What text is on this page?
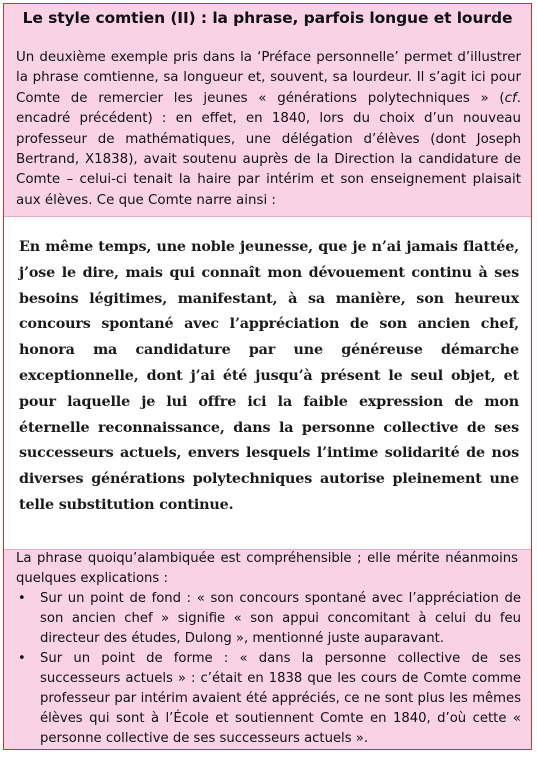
Le style comtien (II) : la phrase, parfois longue et lourde
Un deuxième exemple pris dans la ‘Préface personnelle’ permet d’illustrer la phrase comtienne, sa longueur et, souvent, sa lourdeur. Il s’agit ici pour Comte de remercier les jeunes « générations polytechniques » (cf. encadré précédent) : en effet, en 1840, lors du choix d’un nouveau professeur de mathématiques, une délégation d’élèves (dont Joseph Bertrand, X1838), avait soutenu auprès de la Direction la candidature de Comte – celui-ci tenait la haire par intérim et son enseignement plaisait aux élèves. Ce que Comte narre ainsi :
En même temps, une noble jeunesse, que je n’ai jamais flattée, j’ose le dire, mais qui connaît mon dévouement continu à ses besoins légitimes, manifestant, à sa manière, son heureux concours spontané avec l’appréciation de son ancien chef, honora ma candidature par une généreuse démarche exceptionnelle, dont j’ai été jusqu’à présent le seul objet, et pour laquelle je lui offre ici la faible expression de mon éternelle reconnaissance, dans la personne collective de ses successeurs actuels, envers lesquels l’intime solidarité de nos diverses générations polytechniques autorise pleinement une telle substitution continue.
La phrase quoiqu’alambiquée est compréhensible ; elle mérite néanmoins quelques explications :
• Sur un point de fond : « son concours spontané avec l’appréciation de son ancien chef » signifie « son appui concomitant à celui du feu directeur des études, Dulong », mentionné juste auparavant.
• Sur un point de forme : « dans la personne collective de ses successeurs actuels » : c’était en 1838 que les cours de Comte comme professeur par intérim avaient été appréciés, ce ne sont plus les mêmes élèves qui sont à l’École et soutiennent Comte en 1840, d’où cette « personne collective de ses successeurs actuels ».
